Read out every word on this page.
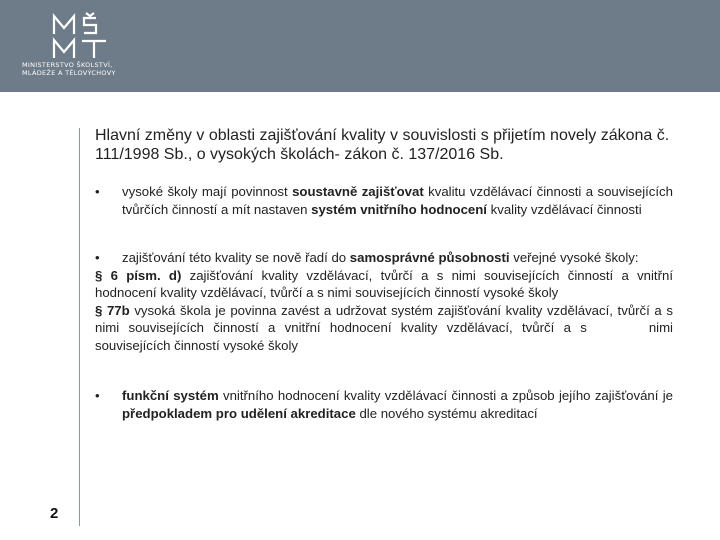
MINISTERSTVO ŠKOLSTVÍ,
MLÁDEŽE A TĚLOVÝCHOVY
Hlavní změny v oblasti zajišťování kvality v souvislosti s přijetím novely zákona č. 111/1998 Sb., o vysokých školách- zákon č. 137/2016 Sb.
• vysoké školy mají povinnost soustavně zajišťovat kvalitu vzdělávací činnosti a souvisejících tvůrčích činností a mít nastaven systém vnitřního hodnocení kvality vzdělávací činnosti
• zajišťování této kvality se nově řadí do samosprávné působnosti veřejné vysoké školy:

§ 6 písm. d) zajišťování kvality vzdělávací, tvůrčí a s nimi souvisejících činností a vnitřní hodnocení kvality vzdělávací, tvůrčí a s nimi souvisejících činností vysoké školy

§ 77b vysoká škola je povinna zavést a udržovat systém zajišťování kvality vzdělávací, tvůrčí a s nimi souvisejících činností a vnitřní hodnocení kvality vzdělávací, tvůrčí a s	nimi souvisejících činností vysoké školy

• funkční systém vnitřního hodnocení kvality vzdělávací činnosti a způsob jejího zajišťování je předpokladem pro udělení akreditace dle nového systému akreditací
2
